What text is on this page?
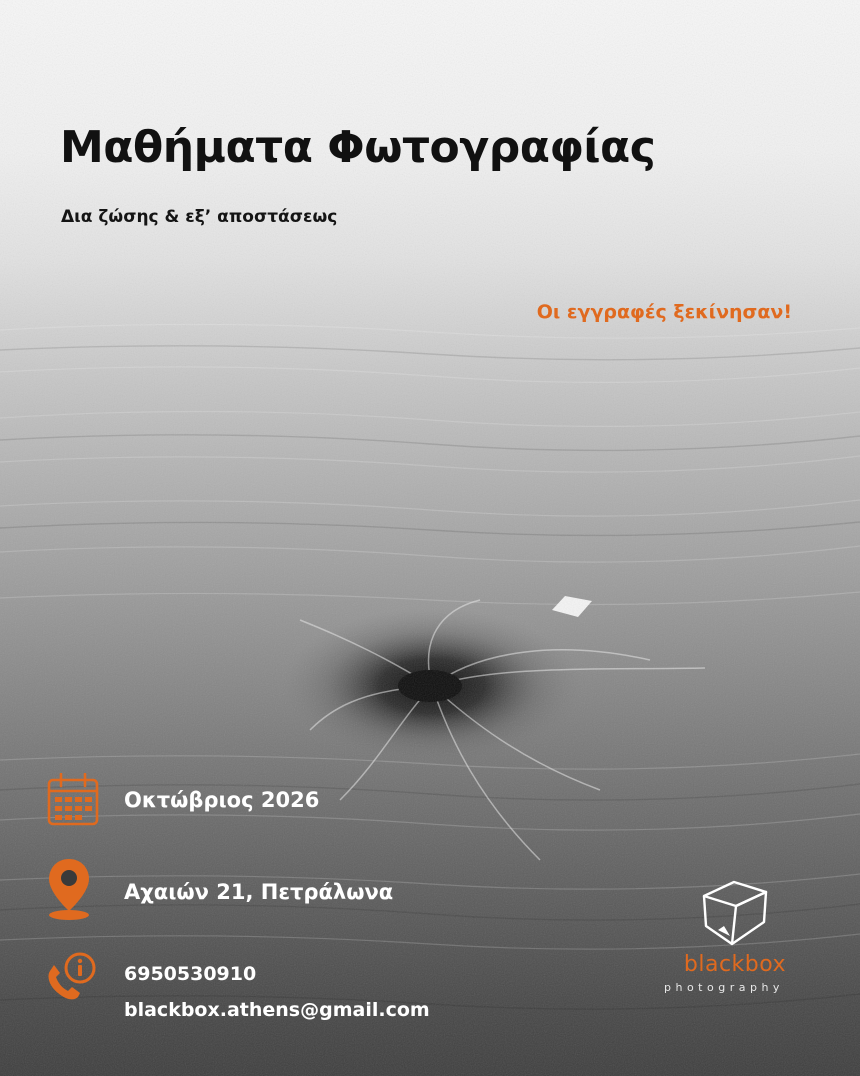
Μαθήματα Φωτογραφίας

Δια ζώσης & εξ’ αποστάσεως

Οι εγγραφές ξεκίνησαν!

Οκτώβριος 2026

Αχαιών 21, Πετράλωνα

6950530910

blackbox.athens@gmail.com

blackbox
photography
